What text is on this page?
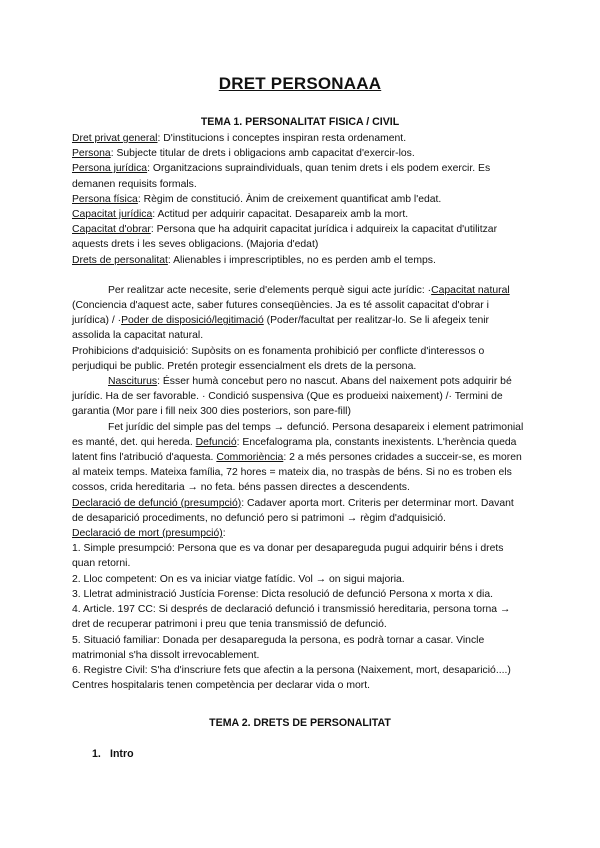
DRET PERSONAAA
TEMA 1. PERSONALITAT FISICA / CIVIL

Dret privat general: D'institucions i conceptes inspiran resta ordenament.

Persona: Subjecte titular de drets i obligacions amb capacitat d'exercir-los.

Persona jurídica: Organitzacions supraindividuals, quan tenim drets i els podem exercir. Es demanen requisits formals.

Persona física: Règim de constitució. Ànim de creixement quantificat amb l'edat.

Capacitat jurídica: Actitud per adquirir capacitat. Desapareix amb la mort.

Capacitat d'obrar: Persona que ha adquirit capacitat jurídica i adquireix la capacitat d'utilitzar aquests drets i les seves obligacions. (Majoria d'edat)

Drets de personalitat: Alienables i imprescriptibles, no es perden amb el temps.

Per realitzar acte necesite, serie d'elements perquè sigui acte jurídic: ·Capacitat natural (Conciencia d'aquest acte, saber futures conseqüències. Ja es té assolit capacitat d'obrar i jurídica) / ·Poder de disposició/legitimació (Poder/facultat per realitzar-lo. Se li afegeix tenir assolida la capacitat natural.

Prohibicions d'adquisició: Supòsits on es fonamenta prohibició per conflicte d'interessos o perjudiqui be public. Pretén protegir essencialment els drets de la persona.

Nasciturus: Ésser humà concebut pero no nascut. Abans del naixement pots adquirir bé jurídic. Ha de ser favorable. · Condició suspensiva (Que es produeixi naixement) /· Termini de garantia (Mor pare i fill neix 300 dies posteriors, son pare-fill)

Fet jurídic del simple pas del temps → defunció. Persona desapareix i element patrimonial es manté, det. qui hereda. Defunció: Encefalograma pla, constants inexistents. L'herència queda latent fins l'atribució d'aquesta. Commoriència: 2 a més persones cridades a succeir-se, es moren al mateix temps. Mateixa família, 72 hores = mateix dia, no traspàs de béns. Si no es troben els cossos, crida hereditaria → no feta. béns passen directes a descendents.

Declaració de defunció (presumpció): Cadaver aporta mort. Criteris per determinar mort. Davant de desaparició procediments, no defunció pero si patrimoni → règim d'adquisició.

Declaració de mort (presumpció):

1. Simple presumpció: Persona que es va donar per desapareguda pugui adquirir béns i drets quan retorni.

2. Lloc competent: On es va iniciar viatge fatídic. Vol → on sigui majoria.

3. Lletrat administració Justícia Forense: Dicta resolució de defunció Persona x morta x dia.

4. Article. 197 CC: Si després de declaració defunció i transmissió hereditaria, persona torna → dret de recuperar patrimoni i preu que tenia transmissió de defunció.

5. Situació familiar: Donada per desapareguda la persona, es podrà tornar a casar. Vincle matrimonial s'ha dissolt irrevocablement.

6. Registre Civil: S'ha d'inscriure fets que afectin a la persona (Naixement, mort, desaparició....)

Centres hospitalaris tenen competència per declarar vida o mort.

TEMA 2. DRETS DE PERSONALITAT
1. Intro
